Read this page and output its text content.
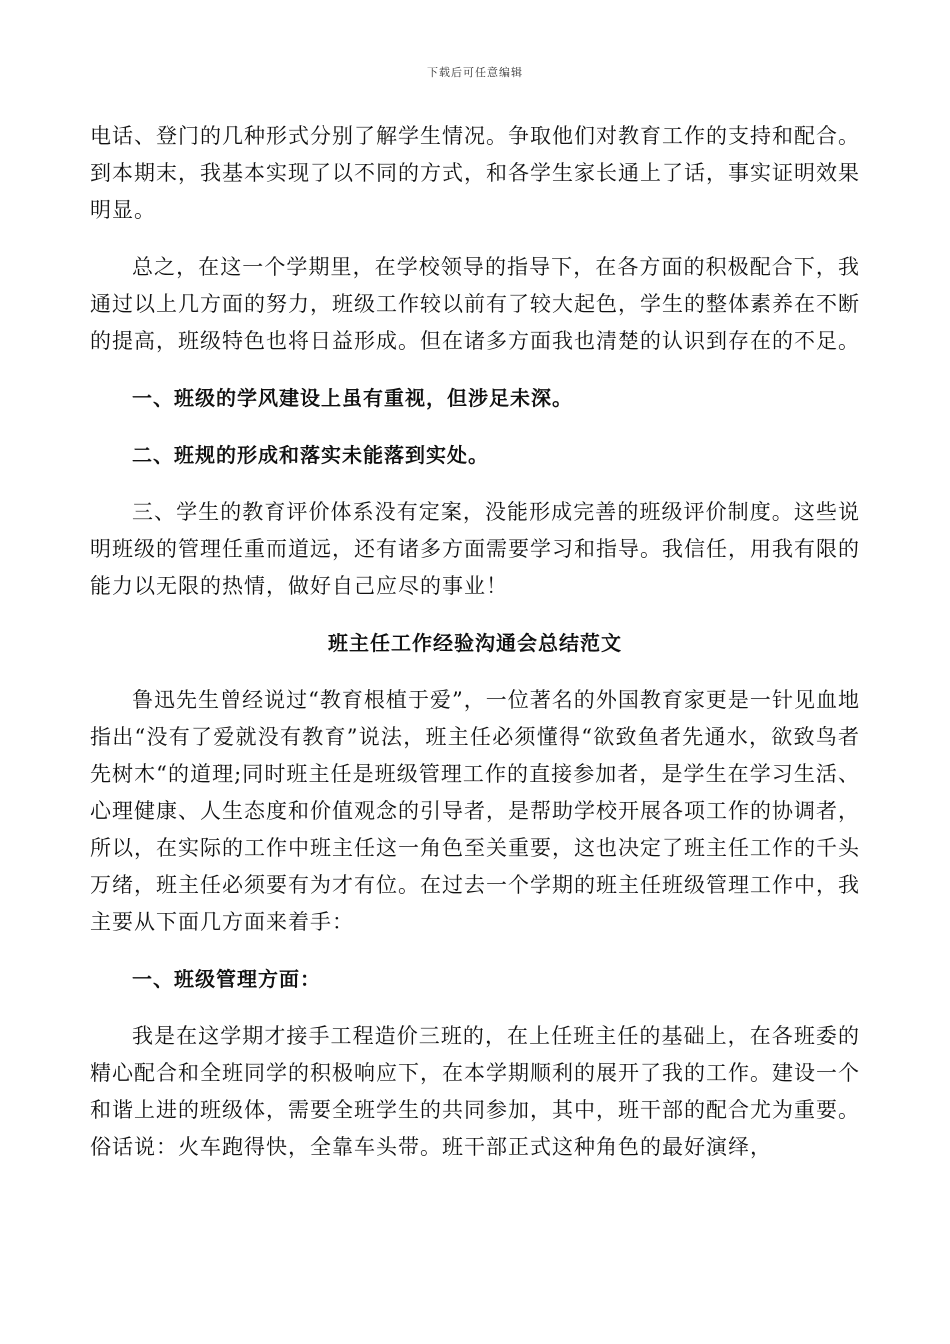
下载后可任意编辑

电话、登门的几种形式分别了解学生情况。争取他们对教育工作的支持和配合。到本期末，我基本实现了以不同的方式，和各学生家长通上了话，事实证明效果明显。

总之，在这一个学期里，在学校领导的指导下，在各方面的积极配合下，我通过以上几方面的努力，班级工作较以前有了较大起色，学生的整体素养在不断的提高，班级特色也将日益形成。但在诸多方面我也清楚的认识到存在的不足。

一、班级的学风建设上虽有重视，但涉足未深。

二、班规的形成和落实未能落到实处。

三、学生的教育评价体系没有定案，没能形成完善的班级评价制度。这些说明班级的管理任重而道远，还有诸多方面需要学习和指导。我信任，用我有限的能力以无限的热情，做好自己应尽的事业！

班主任工作经验沟通会总结范文

鲁迅先生曾经说过“教育根植于爱”，一位著名的外国教育家更是一针见血地指出“没有了爱就没有教育”说法，班主任必须懂得“欲致鱼者先通水，欲致鸟者先树木“的道理;同时班主任是班级管理工作的直接参加者，是学生在学习生活、心理健康、人生态度和价值观念的引导者，是帮助学校开展各项工作的协调者，所以，在实际的工作中班主任这一角色至关重要，这也决定了班主任工作的千头万绪，班主任必须要有为才有位。在过去一个学期的班主任班级管理工作中，我主要从下面几方面来着手：

一、班级管理方面：

我是在这学期才接手工程造价三班的，在上任班主任的基础上，在各班委的精心配合和全班同学的积极响应下，在本学期顺利的展开了我的工作。建设一个和谐上进的班级体，需要全班学生的共同参加，其中，班干部的配合尤为重要。俗话说：火车跑得快，全靠车头带。班干部正式这种角色的最好演绎，
